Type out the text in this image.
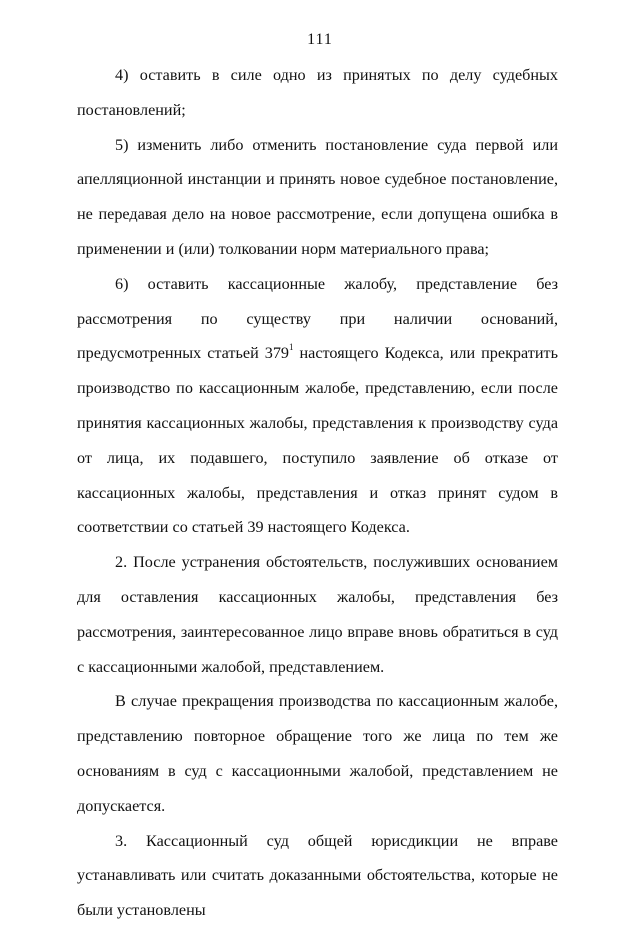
111

4) оставить в силе одно из принятых по делу судебных постановлений;

5) изменить либо отменить постановление суда первой или апелляционной инстанции и принять новое судебное постановление, не передавая дело на новое рассмотрение, если допущена ошибка в применении и (или) толковании норм материального права;

6) оставить кассационные жалобу, представление без рассмотрения по существу при наличии оснований, предусмотренных статьей $379^1$ настоящего Кодекса, или прекратить производство по кассационным жалобе, представлению, если после принятия кассационных жалобы, представления к производству суда от лица, их подавшего, поступило заявление об отказе от кассационных жалобы, представления и отказ принят судом в соответствии со статьей 39 настоящего Кодекса.

2. После устранения обстоятельств, послуживших основанием для оставления кассационных жалобы, представления без рассмотрения, заинтересованное лицо вправе вновь обратиться в суд с кассационными жалобой, представлением.

В случае прекращения производства по кассационным жалобе, представлению повторное обращение того же лица по тем же основаниям в суд с кассационными жалобой, представлением не допускается.

3. Кассационный суд общей юрисдикции не вправе устанавливать или считать доказанными обстоятельства, которые не были установлены
